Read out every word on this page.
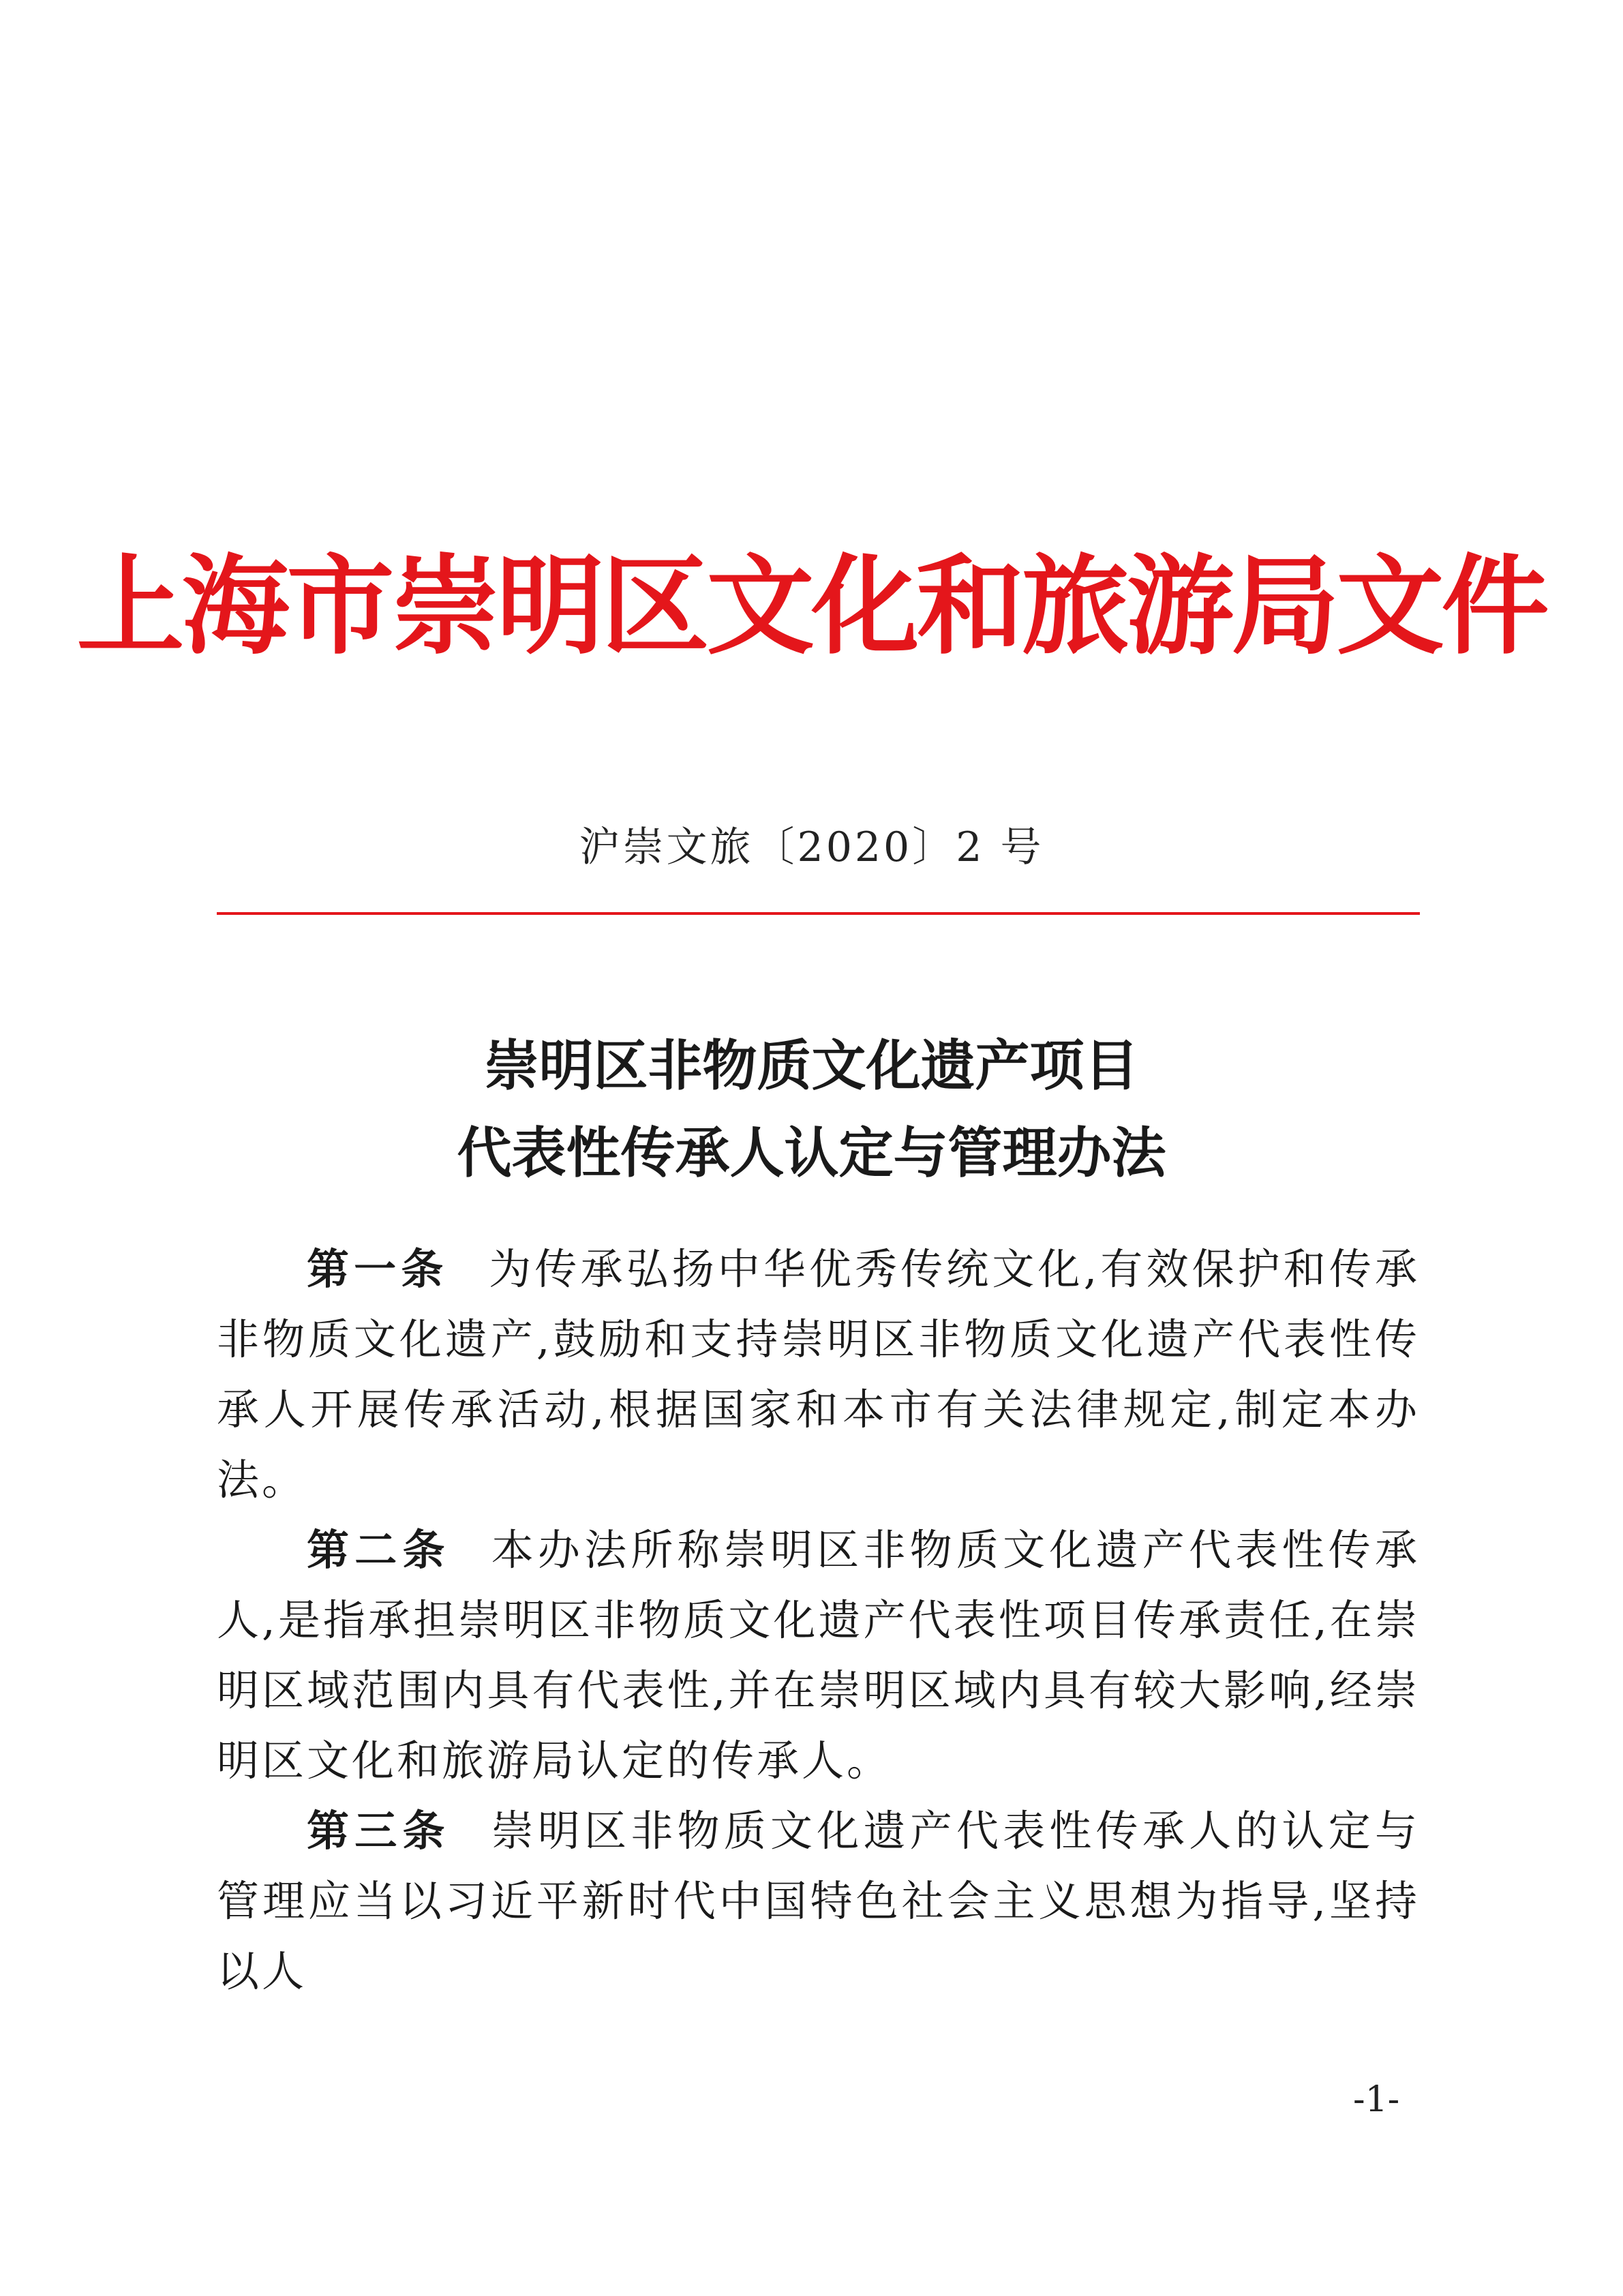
上海市崇明区文化和旅游局文件
沪崇文旅〔2020〕2 号
崇明区非物质文化遗产项目
代表性传承人认定与管理办法

第一条 为传承弘扬中华优秀传统文化,有效保护和传承非物质文化遗产,鼓励和支持崇明区非物质文化遗产代表性传承人开展传承活动,根据国家和本市有关法律规定,制定本办法。

第二条 本办法所称崇明区非物质文化遗产代表性传承人,是指承担崇明区非物质文化遗产代表性项目传承责任,在崇明区域范围内具有代表性,并在崇明区域内具有较大影响,经崇明区文化和旅游局认定的传承人。

第三条 崇明区非物质文化遗产代表性传承人的认定与管理应当以习近平新时代中国特色社会主义思想为指导,坚持以人

-1-
